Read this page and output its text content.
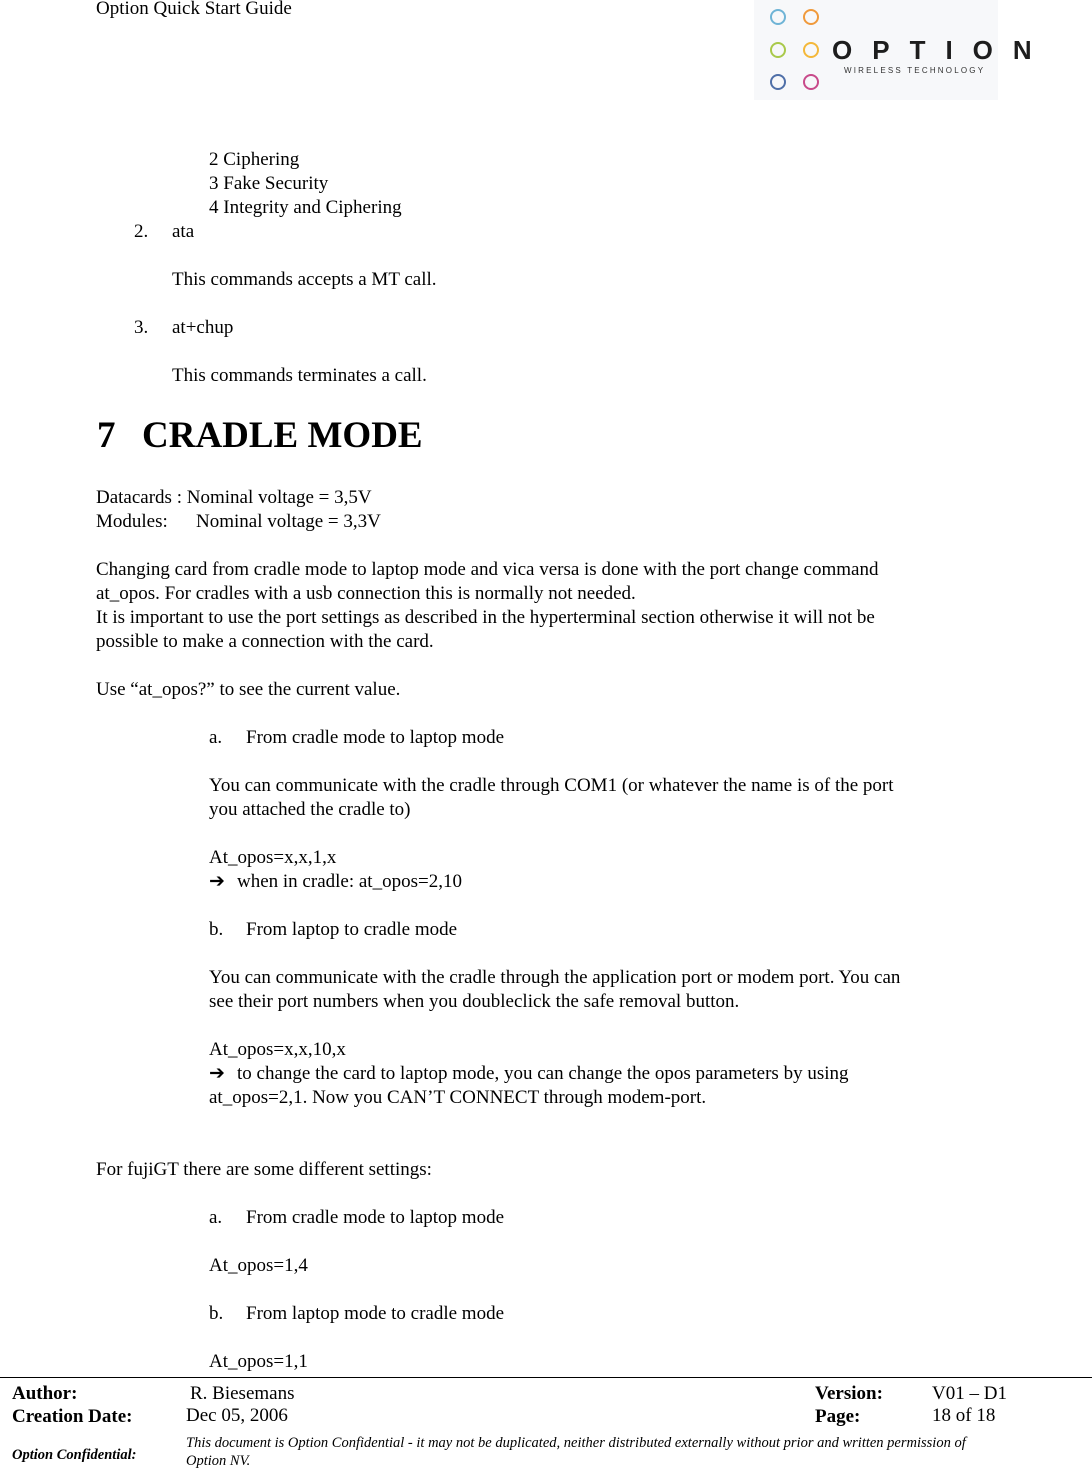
Option Quick Start Guide
OPTION
WIRELESS TECHNOLOGY
2 Ciphering
3 Fake Security
4 Integrity and Ciphering
2. ata
This commands accepts a MT call.
3. at+chup
This commands terminates a call.
7 CRADLE MODE
Datacards : Nominal voltage = 3,5V
Modules: Nominal voltage = 3,3V
Changing card from cradle mode to laptop mode and vica versa is done with the port change command
at_opos. For cradles with a usb connection this is normally not needed.
It is important to use the port settings as described in the hyperterminal section otherwise it will not be
possible to make a connection with the card.
Use “at_opos?” to see the current value.
a. From cradle mode to laptop mode
You can communicate with the cradle through COM1 (or whatever the name is of the port
you attached the cradle to)
At_opos=x,x,1,x
➔ when in cradle: at_opos=2,10
b. From laptop to cradle mode
You can communicate with the cradle through the application port or modem port. You can
see their port numbers when you doubleclick the safe removal button.
At_opos=x,x,10,x
➔ to change the card to laptop mode, you can change the opos parameters by using
at_opos=2,1. Now you CAN’T CONNECT through modem-port.
For fujiGT there are some different settings:
a. From cradle mode to laptop mode
At_opos=1,4
b. From laptop mode to cradle mode
At_opos=1,1
Author:	R. Biesemans	Version:	V01 – D1
Creation Date:	Dec 05, 2006	Page:	18 of 18
Option Confidential:
This document is Option Confidential - it may not be duplicated, neither distributed externally without prior and written permission of
Option NV.
